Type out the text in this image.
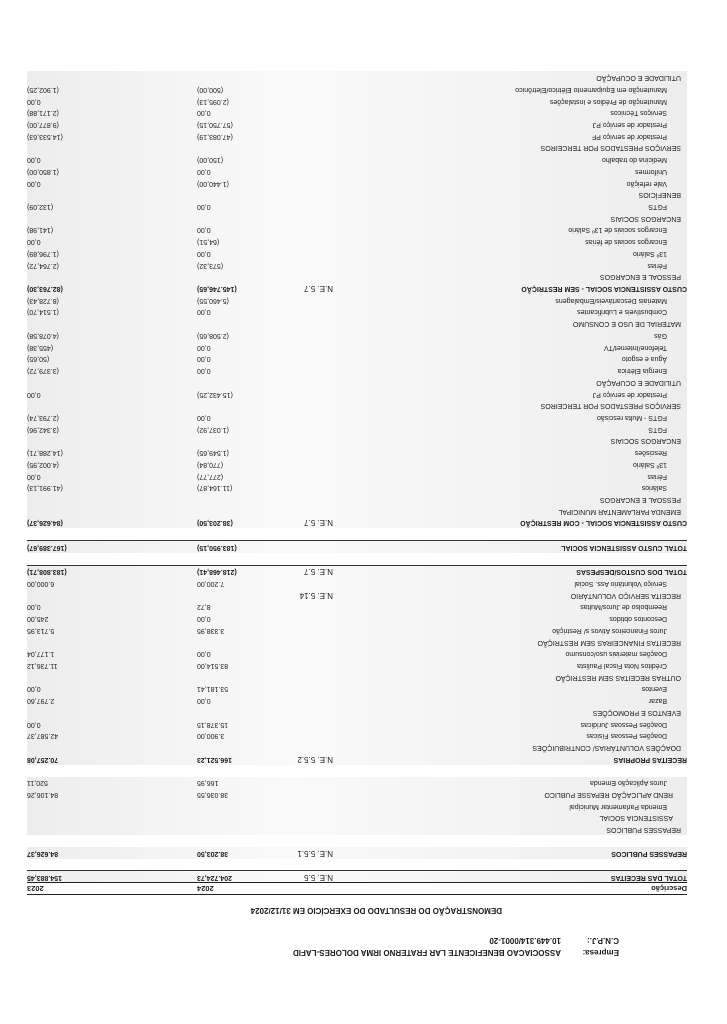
Empresa:
ASSOCIACAO BENEFICENTE LAR FRATERNO IRMA DOLORES-LAFID
C.N.P.J.:
10.449.314/0001-20
DEMONSTRAÇÃO DO RESULTADO DO EXERCÍCIO EM 31/12/2024
Descrição
2024
2023
TOTAL DAS RECEITAS
N.E. 5.5
204.724,73
154.883,45
REPASSES PUBLICOS
N.E. 5.5.1
38.203,50
84.626,37
REPASSES PUBLICOS
ASSISTENCIA SOCIAL
Emenda Parlamentar Municipal
REND APLICAÇÃO REPASSE PUBLICO
38.036,55
84.106,26
Juros Aplicação Emenda
166,95
520,11
RECEITAS PROPRIAS
N.E. 5.5.2
166.521,23
70.257,08
DOAÇÕES VOLUNTÁRIAS/ CONTRIBUIÇÕES
Doações Pessoas Físicas
3.900,00
42.587,37
Doações Pessoas Jurídicas
15.378,15
0,00
EVENTOS E PROMOÇÕES
Bazar
0,00
2.797,60
Eventos
53.181,41
0,00
OUTRAS RECEITAS SEM RESTRIÇÃO
Créditos Nota Fiscal Paulista
83.514,00
11.736,12
Doações materiais uso/consumo
0,00
1.177,04
RECEITAS FINANCEIRAS SEM RESTRIÇÃO
Juros Financeiros Ativos s/ Restrição
3.338,95
5.713,95
Descontos obtidos
0,00
245,00
Reembolso de Juros/Multas
8,72
0,00
RECEITA SERVIÇO VOLUNTÁRIO
N.E. 5.14
Serviço Voluntário Ass. Social
7.200,00
6.000,00
TOTAL DOS CUSTOS/DESPESAS
N.E. 5.7
(218.468,41)
(183.808,71)
TOTAL CUSTO ASSISTENCIA SOCIAL
(183.950,15)
(167.389,67)
CUSTO ASSISTENCIA SOCIAL - COM RESTRIÇÃO
N.E. 5.7
(38.203,50)
(84.626,37)
EMENDA PARLAMENTAR MUNICIPAL
PESSOAL E ENCARGOS
Salários
(11.164,87)
(41.991,13)
Férias
(277,77)
0,00
13º Salário
(770,84)
(4.002,95)
Rescisões
(1.549,65)
(14.288,71)
ENCARGOS SOCIAIS
FGTS
(1.037,92)
(3.342,96)
FGTS - Multa rescisão
0,00
(2.793,74)
SERVIÇOS PRESTADOS POR TERCEIROS
Prestador de serviço PJ
(15.432,25)
0,00
UTILIDADE E OCUPAÇÃO
Energia Elétrica
0,00
(3.379,72)
Água e esgoto
0,00
(50,65)
Telefone/Internet/TV
0,00
(455,38)
Gás
(2.508,65)
(4.078,58)
MATERIAL DE USO E CONSUMO
Combustíveis e Lubrificantes
0,00
(1.514,70)
Materiais Descartáveis/Embalagens
(5.460,55)
(8.728,43)
CUSTO ASSISTENCIA SOCIAL - SEM RESTRIÇÃO
N.E. 5.7
(145.746,65)
(82.763,30)
PESSOAL E ENCARGOS
Férias
(573,32)
(2.764,72)
13º Salário
0,00
(1.796,89)
Encargos sociais de férias
(64,51)
0,00
Encargos sociais de 13º Salário
0,00
(141,98)
ENCARGOS SOCIAIS
FGTS
0,00
(132,09)
BENEFÍCIOS
Vale refeição
(1.440,00)
0,00
Uniformes
0,00
(1.850,00)
Medicina do trabalho
(150,00)
0,00
SERVIÇOS PRESTADOS POR TERCEIROS
Prestador de serviço PF
(47.083,19)
(14.533,63)
Prestador de serviço PJ
(57.750,15)
(9.877,00)
Serviços Técnicos
0,00
(2.171,88)
Manutenção de Prédios e Instalações
(2.095,13)
0,00
Manutenção em Equipamento Elétrico/Eletrônico
(500,00)
(1.902,25)
UTILIDADE E OCUPAÇÃO
